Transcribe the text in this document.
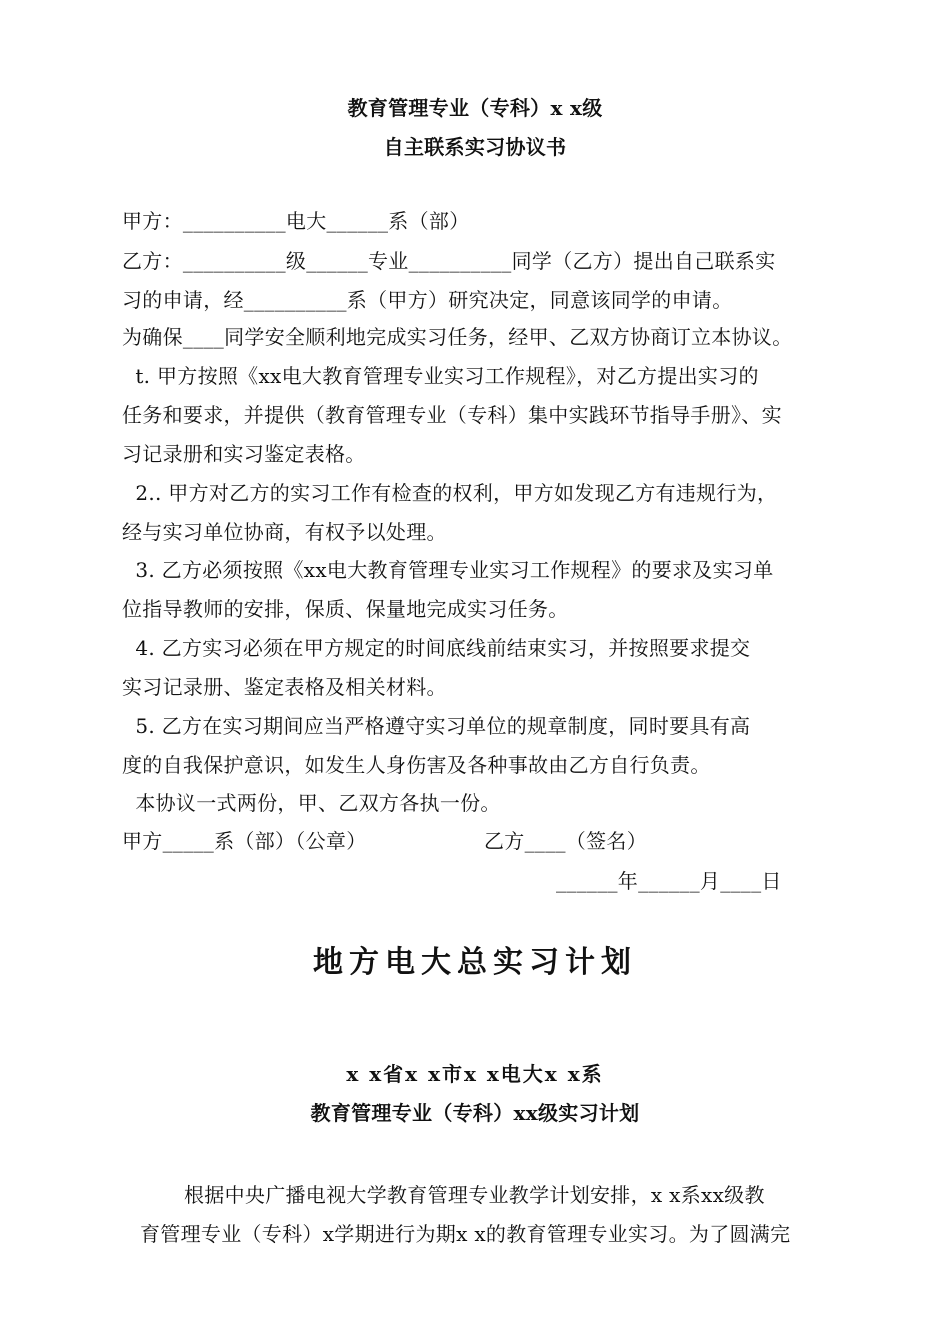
教育管理专业（专科）x x级
自主联系实习协议书
甲方：__________电大______系（部）
乙方：__________级______专业__________同学（乙方）提出自己联系实
习的申请，经__________系（甲方）研究决定，同意该同学的申请。
为确保____同学安全顺利地完成实习任务，经甲、乙双方协商订立本协议。
t. 甲方按照《xx电大教育管理专业实习工作规程》，对乙方提出实习的
任务和要求，并提供（教育管理专业（专科）集中实践环节指导手册》、实
习记录册和实习鉴定表格。
2.. 甲方对乙方的实习工作有检查的权利，甲方如发现乙方有违规行为，
经与实习单位协商，有权予以处理。
3. 乙方必须按照《xx电大教育管理专业实习工作规程》的要求及实习单
位指导教师的安排，保质、保量地完成实习任务。
4. 乙方实习必须在甲方规定的时间底线前结束实习，并按照要求提交
实习记录册、鉴定表格及相关材料。
5. 乙方在实习期间应当严格遵守实习单位的规章制度，同时要具有高
度的自我保护意识，如发生人身伤害及各种事故由乙方自行负责。
本协议一式两份，甲、乙双方各执一份。
甲方_____系（部）（公章）	乙方____（签名）
______年______月____日
地方电大总实习计划
x x省x x市x x电大x x系
教育管理专业（专科）xx级实习计划
根据中央广播电视大学教育管理专业教学计划安排，x x系xx级教
育管理专业（专科）x学期进行为期x x的教育管理专业实习。为了圆满完
